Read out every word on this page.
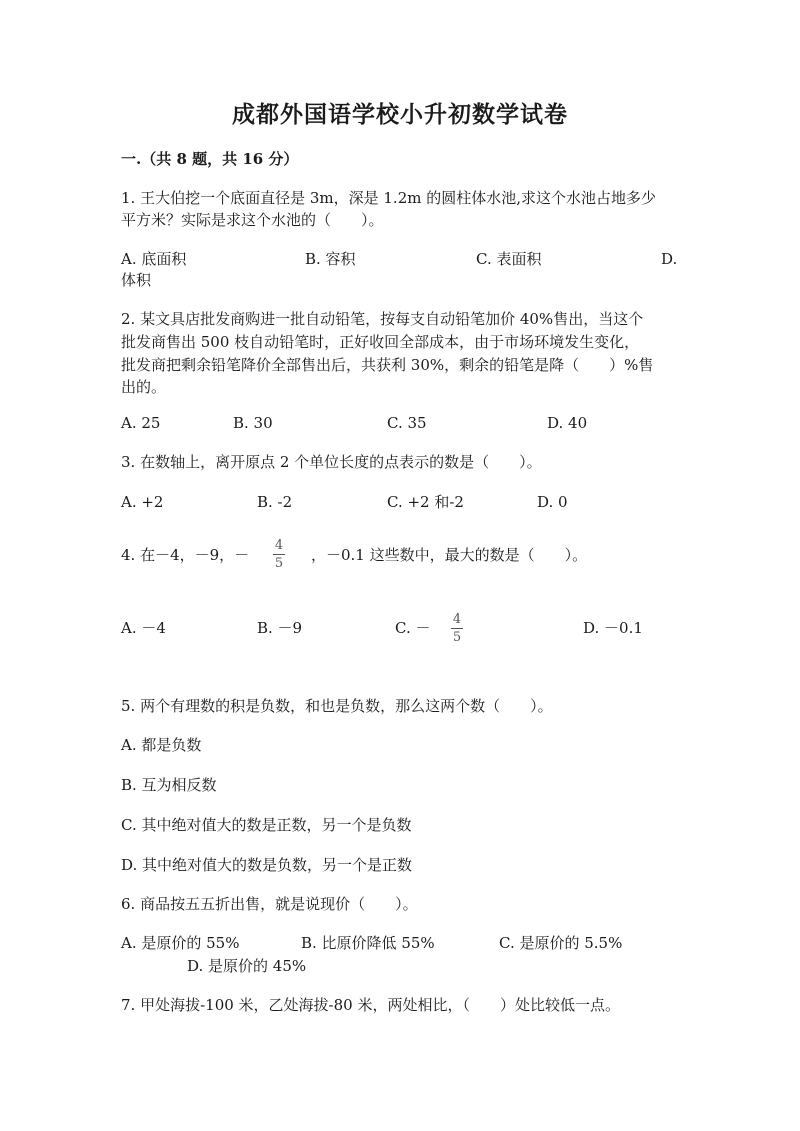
成都外国语学校小升初数学试卷
一.（共 8 题，共 16 分）
1. 王大伯挖一个底面直径是 3m，深是 1.2m 的圆柱体水池,求这个水池占地多少
平方米？实际是求这个水池的（　　）。
A. 底面积	B. 容积	C. 表面积	D.
体积
2. 某文具店批发商购进一批自动铅笔，按每支自动铅笔加价 40%售出，当这个
批发商售出 500 枝自动铅笔时，正好收回全部成本，由于市场环境发生变化，
批发商把剩余铅笔降价全部售出后，共获利 30%，剩余的铅笔是降（　　）%售
出的。
A. 25	B. 30	C. 35	D. 40
3. 在数轴上，离开原点 2 个单位长度的点表示的数是（　　）。
A. +2	B. -2	C. +2 和-2	D. 0
4. 在－4，－9，－
4
5 ，－0.1 这些数中，最大的数是（　　）。
A. －4	B. －9	C. － 4
5
D. －0.1
5. 两个有理数的积是负数，和也是负数，那么这两个数（　　）。
A. 都是负数
B. 互为相反数
C. 其中绝对值大的数是正数，另一个是负数
D. 其中绝对值大的数是负数，另一个是正数
6. 商品按五五折出售，就是说现价（　　）。
A. 是原价的 55%	B. 比原价降低 55%	C. 是原价的 5.5%
D. 是原价的 45%
7. 甲处海拔-100 米，乙处海拔-80 米，两处相比，（　　）处比较低一点。
